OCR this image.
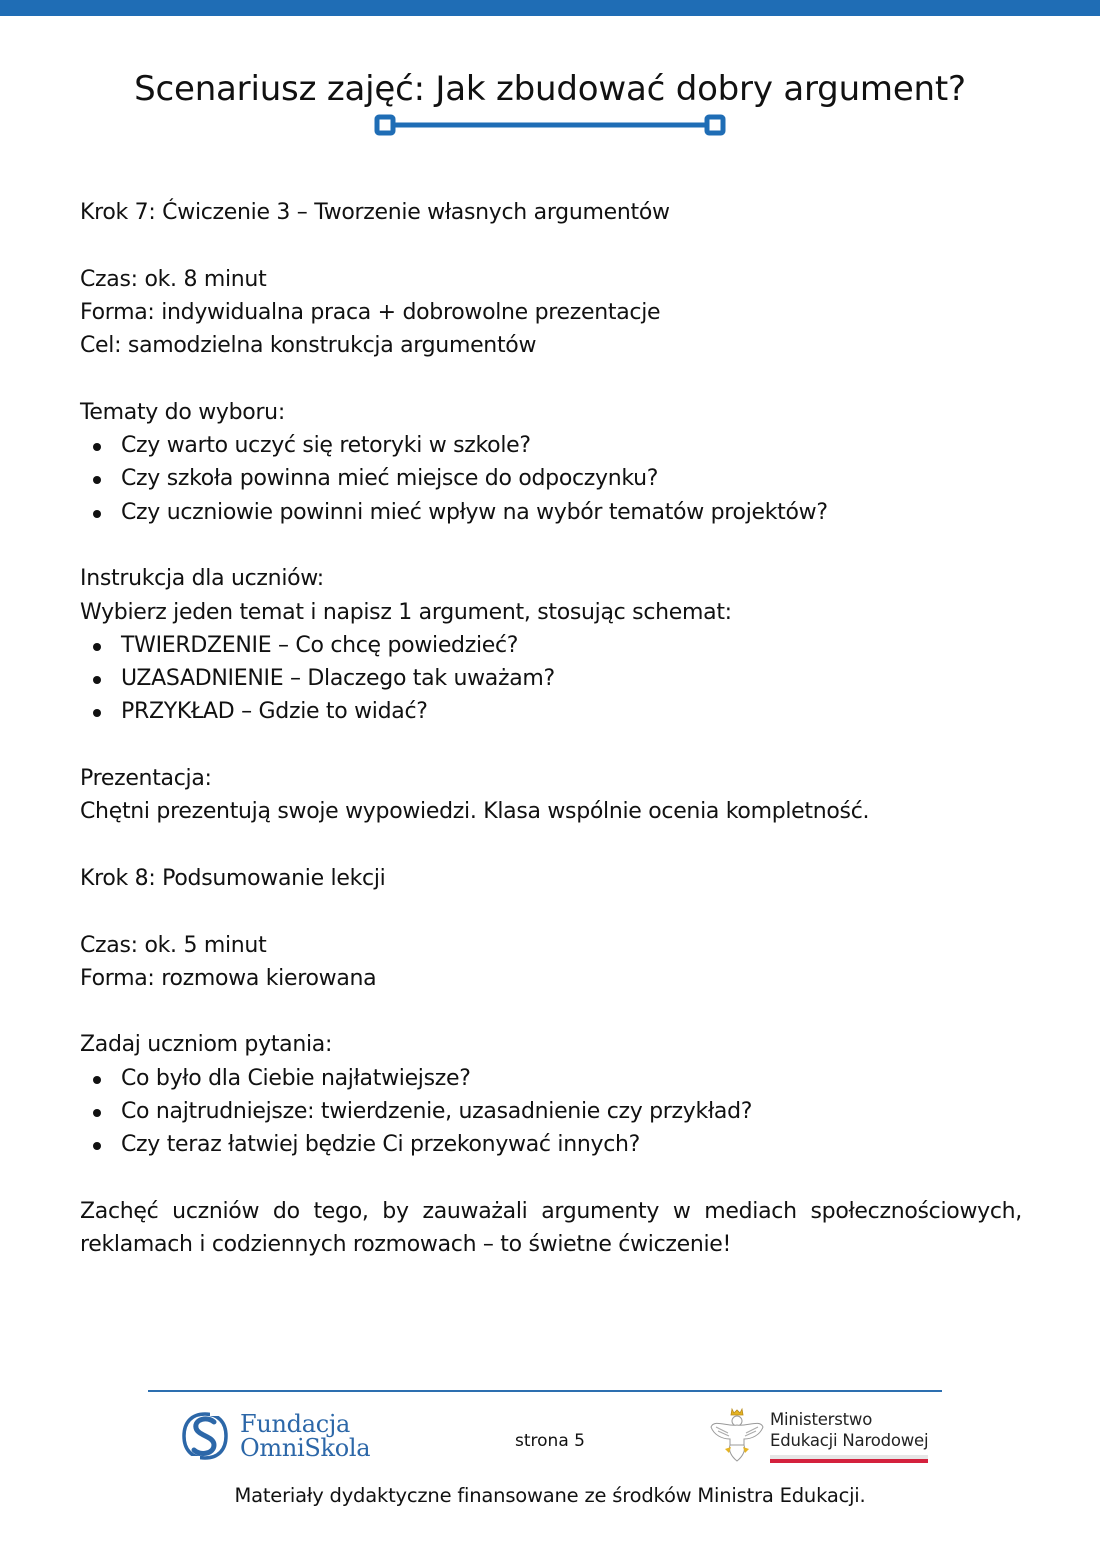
Scenariusz zajęć: Jak zbudować dobry argument?
Krok 7: Ćwiczenie 3 – Tworzenie własnych argumentów
Czas: ok. 8 minut
Forma: indywidualna praca + dobrowolne prezentacje
Cel: samodzielna konstrukcja argumentów
Tematy do wyboru:
Czy warto uczyć się retoryki w szkole?
Czy szkoła powinna mieć miejsce do odpoczynku?
Czy uczniowie powinni mieć wpływ na wybór tematów projektów?
Instrukcja dla uczniów:
Wybierz jeden temat i napisz 1 argument, stosując schemat:
TWIERDZENIE – Co chcę powiedzieć?
UZASADNIENIE – Dlaczego tak uważam?
PRZYKŁAD – Gdzie to widać?
Prezentacja:
Chętni prezentują swoje wypowiedzi. Klasa wspólnie ocenia kompletność.
Krok 8: Podsumowanie lekcji
Czas: ok. 5 minut
Forma: rozmowa kierowana
Zadaj uczniom pytania:
Co było dla Ciebie najłatwiejsze?
Co najtrudniejsze: twierdzenie, uzasadnienie czy przykład?
Czy teraz łatwiej będzie Ci przekonywać innych?
Zachęć uczniów do tego, by zauważali argumenty w mediach społecznościowych, reklamach i codziennych rozmowach – to świetne ćwiczenie!
Fundacja
OmniSkola	strona 5
Ministerstwo
Edukacji Narodowej
Materiały dydaktyczne finansowane ze środków Ministra Edukacji.
